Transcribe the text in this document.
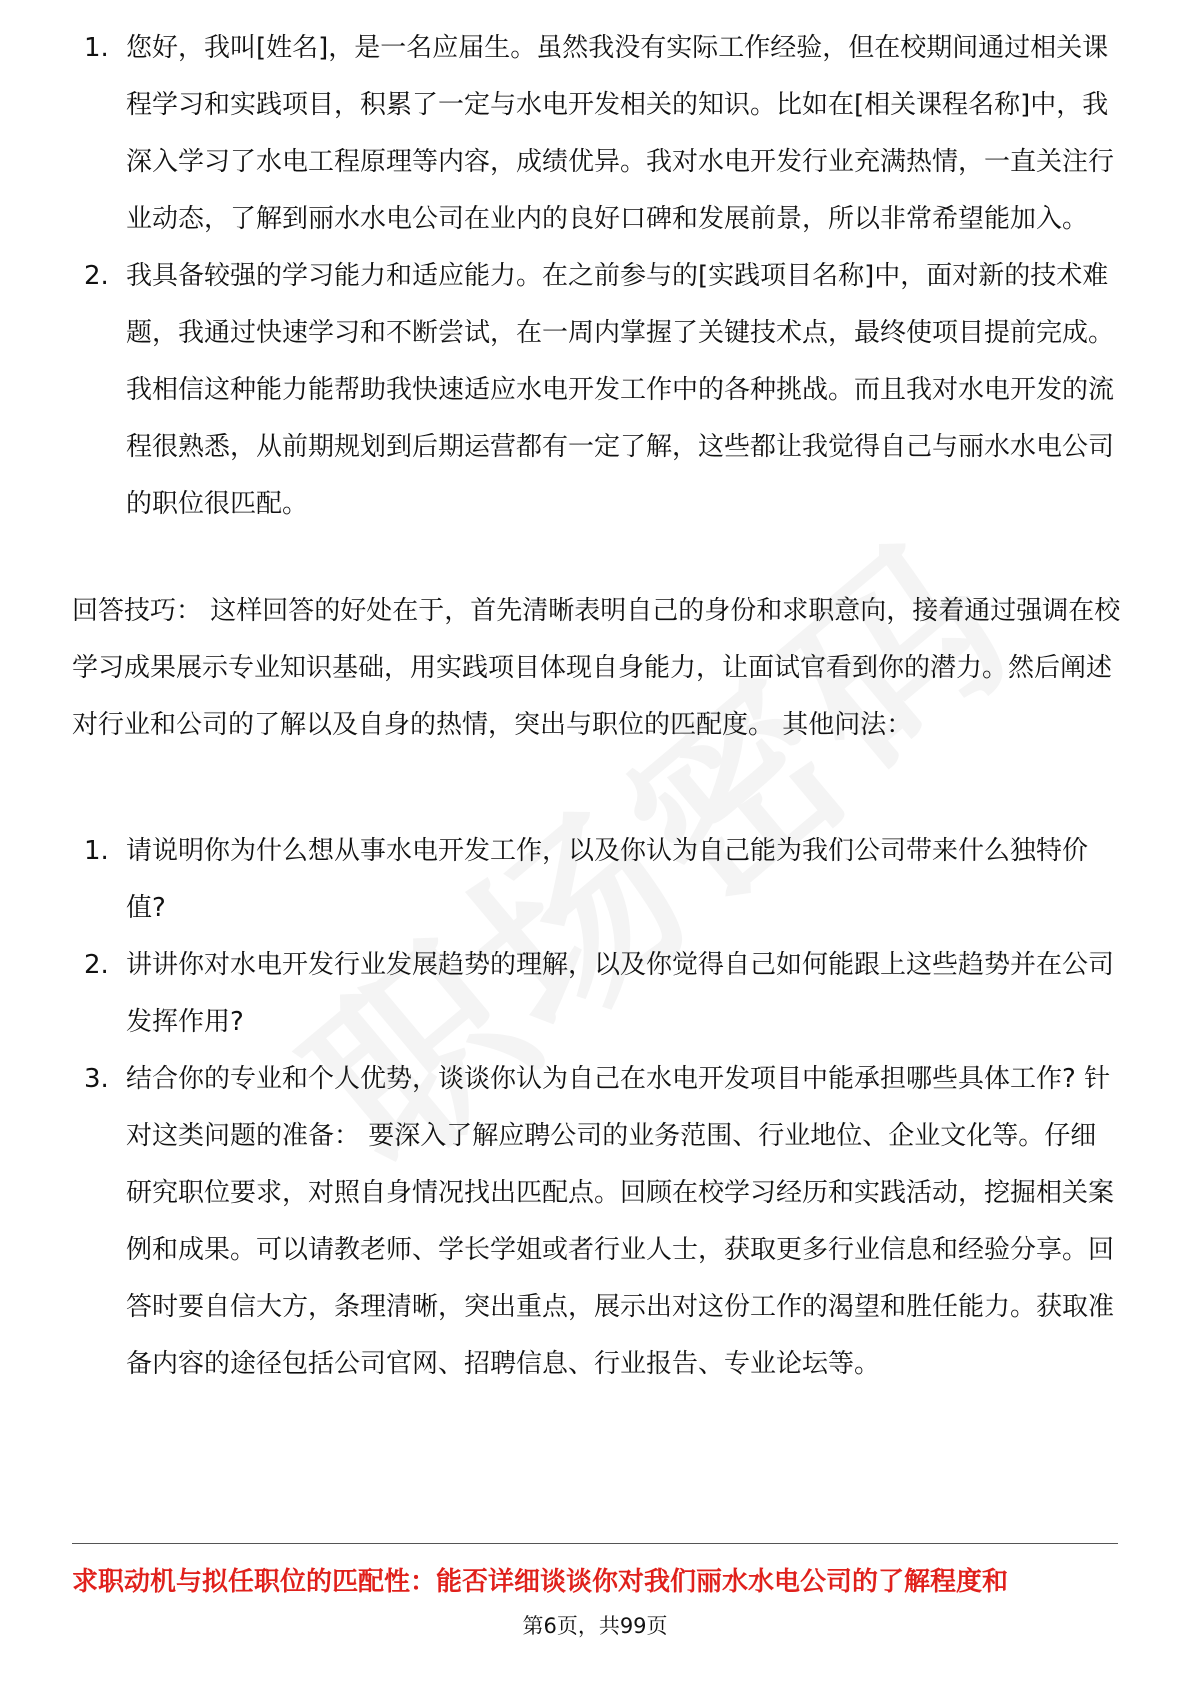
1. 您好，我叫[姓名]，是一名应届生。虽然我没有实际工作经验，但在校期间通过相关课程学习和实践项目，积累了一定与水电开发相关的知识。比如在[相关课程名称]中，我深入学习了水电工程原理等内容，成绩优异。我对水电开发行业充满热情，一直关注行业动态，了解到丽水水电公司在业内的良好口碑和发展前景，所以非常希望能加入。
2. 我具备较强的学习能力和适应能力。在之前参与的[实践项目名称]中，面对新的技术难题，我通过快速学习和不断尝试，在一周内掌握了关键技术点，最终使项目提前完成。我相信这种能力能帮助我快速适应水电开发工作中的各种挑战。而且我对水电开发的流程很熟悉，从前期规划到后期运营都有一定了解，这些都让我觉得自己与丽水水电公司的职位很匹配。

回答技巧： 这样回答的好处在于，首先清晰表明自己的身份和求职意向，接着通过强调在校学习成果展示专业知识基础，用实践项目体现自身能力，让面试官看到你的潜力。然后阐述对行业和公司的了解以及自身的热情，突出与职位的匹配度。 其他问法：

1. 请说明你为什么想从事水电开发工作，以及你认为自己能为我们公司带来什么独特价值?
2. 讲讲你对水电开发行业发展趋势的理解，以及你觉得自己如何能跟上这些趋势并在公司发挥作用?
3. 结合你的专业和个人优势，谈谈你认为自己在水电开发项目中能承担哪些具体工作? 针对这类问题的准备： 要深入了解应聘公司的业务范围、行业地位、企业文化等。仔细研究职位要求，对照自身情况找出匹配点。回顾在校学习经历和实践活动，挖掘相关案例和成果。可以请教老师、学长学姐或者行业人士，获取更多行业信息和经验分享。回答时要自信大方，条理清晰，突出重点，展示出对这份工作的渴望和胜任能力。获取准备内容的途径包括公司官网、招聘信息、行业报告、专业论坛等。
求职动机与拟任职位的匹配性：能否详细谈谈你对我们丽水水电公司的了解程度和
第6页，共99页
